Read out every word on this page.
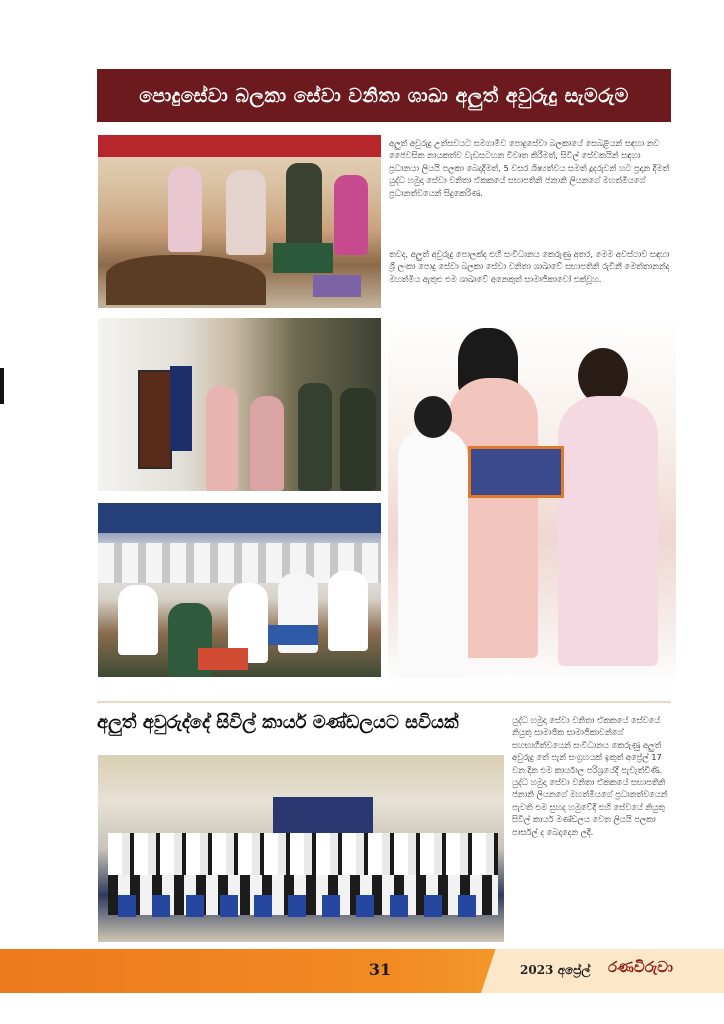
පොදුසේවා බලකා සේවා වනිතා ශාඛා අලුත් අවුරුදු සැමරුම
අලුත් අවුරුදු උත්සවයට සමගාමීව පොදුසේවා බලකායේ සෙබළියන් සඳහා නව ජෛවසික නායකත්ව වැඩසටහන විවෘත කිරීමත්, සිවිල් සේවකයින් සඳහා ප්‍රධානයා ලියයි පලකා බෙදාදීමත්, 5 වසර ශිෂ්‍යත්වය සමත් දූදරුවන් හට ප්‍රදාන දීමත් යුද්ධ හමුදා සේවා වනිතා ඒකකයේ සභාපතිනි ජනානි ලියනගේ මහත්මියගේ ප්‍රධානත්වයෙන් සිදුකෙරිණ.
තවද, අලුත් අවුරුදු පොලක්ද එහි සංවිධානය කෙරුණු අතර, මෙම අවස්ථාව සඳහා ශ්‍රී ලංකා පොදු සේවා බලකා සේවා වනිතා ශාඛාවේ සභාපතිනි රුවිනී මෙත්තානන්ද මහත්මිය ඇතුළු එම ශාඛාවේ අනෙකුත් සාමාජිකාවෝ එක්වූහ.
අලුත් අවුරුද්දේ සිවිල් කාර්ය මණ්ඩලයට සවියක්	යුද්ධ හමුදා සේවා වනිතා ඒකකයේ සේවයේ නියුතු සාමාජික සාමාජිකාවන්ගේ සහභාගීත්වයෙන් සංවිධානය කෙරුණු අලුත් අවුරුදු තේ පැන් සංග්‍රහයක් ඉකුත් අප්‍රේල් 17 වන දින එම කාර්යාල පරිශ්‍රයේදී පැවැත්විණි. යුද්ධ හමුදා සේවා වනිතා ඒකකයේ සභාපතිනි ජනානි ලියනගේ මහත්මියගේ ප්‍රධානත්වයෙන් පැවති එම සුහද හමුවේදී එහි සේවයේ නියුතු සිවිල් කාර්ය මණ්ඩලය වෙත ලියයි පලකා පාර්සල් ද බෙදාදෙන ලදී.
31	2023 අප්‍රේල් රණවිරුවා
